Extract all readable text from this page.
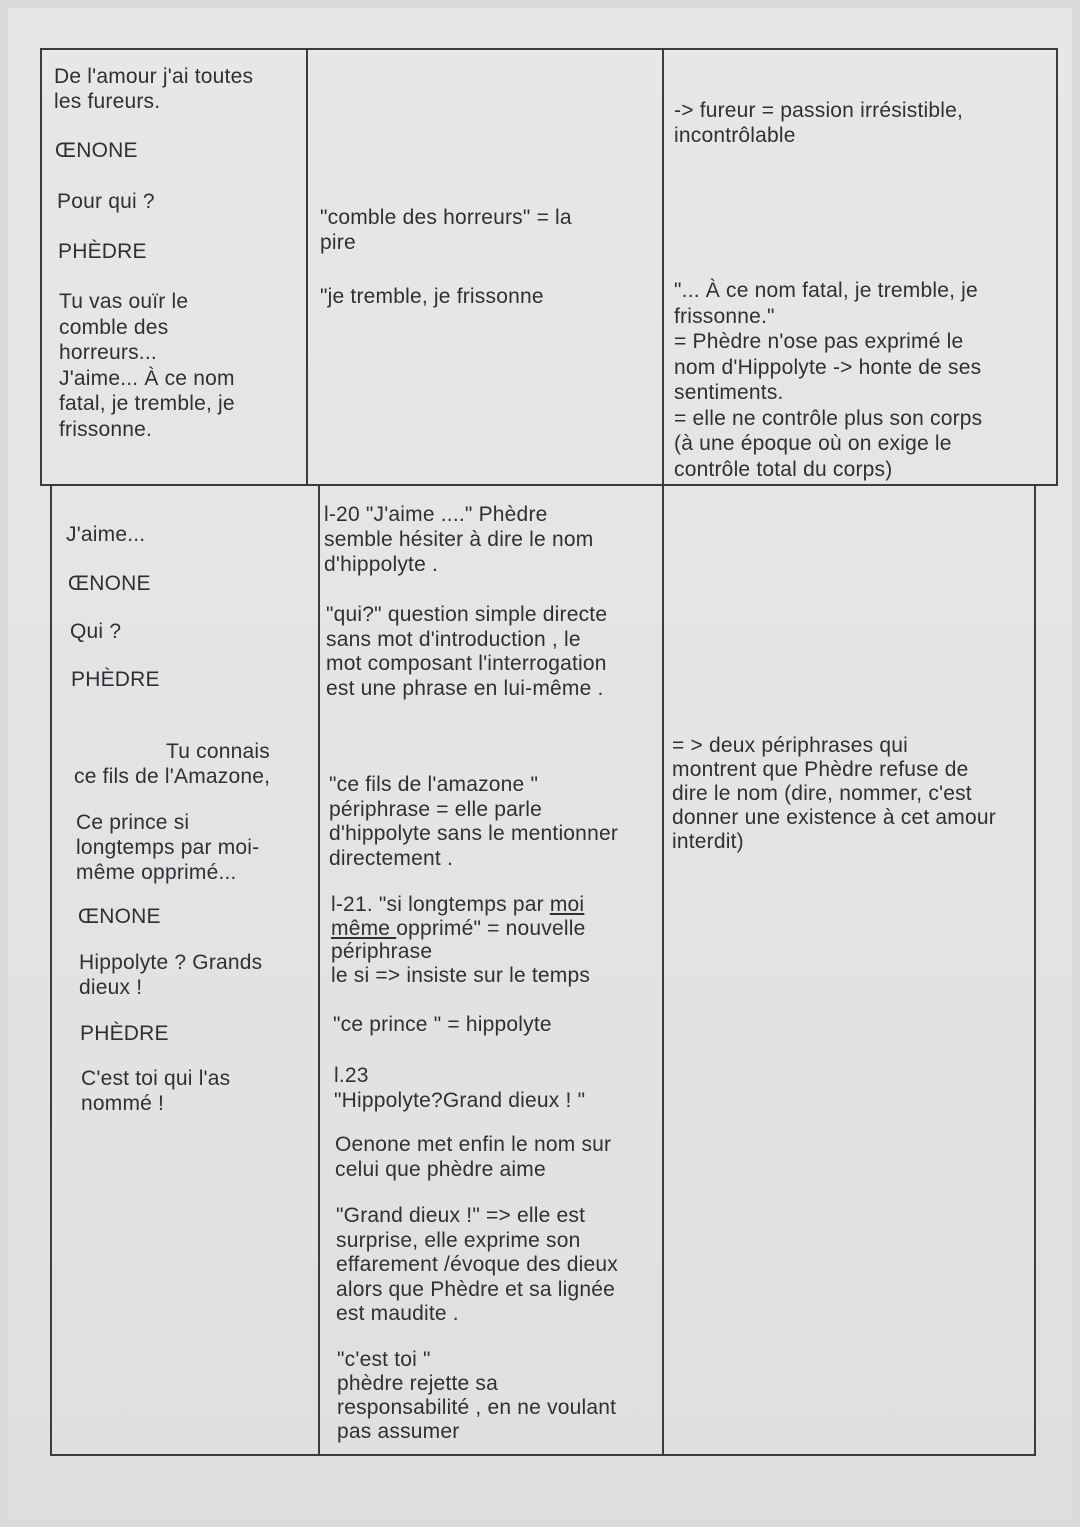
De l'amour j'ai toutes
les fureurs.
ŒNONE
Pour qui ?
PHÈDRE
Tu vas ouïr le
comble des
horreurs...
J'aime... À ce nom
fatal, je tremble, je
frissonne.
"comble des horreurs" = la
pire
"je tremble, je frissonne
-> fureur = passion irrésistible,
incontrôlable
"... À ce nom fatal, je tremble, je
frissonne."
= Phèdre n'ose pas exprimé le
nom d'Hippolyte -> honte de ses
sentiments.
= elle ne contrôle plus son corps
(à une époque où on exige le
contrôle total du corps)
J'aime...
ŒNONE
Qui ?
PHÈDRE
Tu connais
ce fils de l'Amazone,
Ce prince si
longtemps par moi-
même opprimé...
ŒNONE
Hippolyte ? Grands
dieux !
PHÈDRE
C'est toi qui l'as
nommé !
l-20 "J'aime ...." Phèdre
semble hésiter à dire le nom
d'hippolyte .
"qui?" question simple directe
sans mot d'introduction , le
mot composant l'interrogation
est une phrase en lui-même .
"ce fils de l'amazone "
périphrase = elle parle
d'hippolyte sans le mentionner
directement .
l-21. "si longtemps par moi
même opprimé" = nouvelle
périphrase
le si => insiste sur le temps
"ce prince " = hippolyte
l.23
"Hippolyte?Grand dieux ! "
Oenone met enfin le nom sur
celui que phèdre aime
"Grand dieux !" => elle est
surprise, elle exprime son
effarement /évoque des dieux
alors que Phèdre et sa lignée
est maudite .
"c'est toi "
phèdre rejette sa
responsabilité , en ne voulant
pas assumer
= > deux périphrases qui
montrent que Phèdre refuse de
dire le nom (dire, nommer, c'est
donner une existence à cet amour
interdit)
